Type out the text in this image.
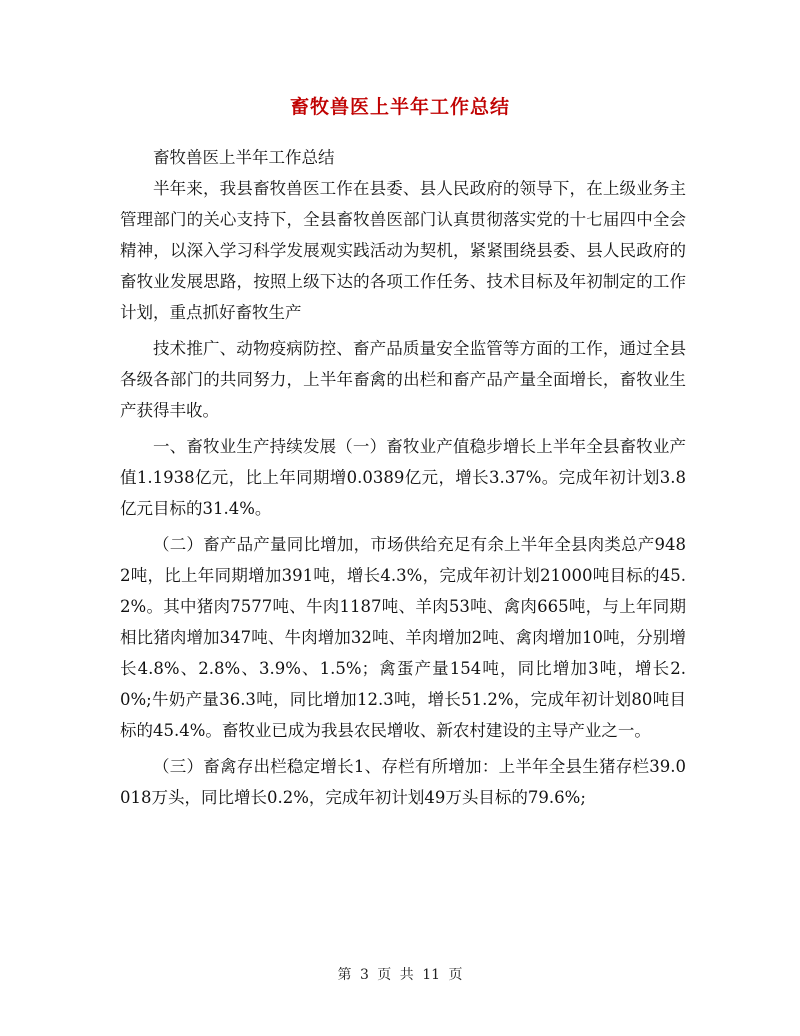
畜牧兽医上半年工作总结

畜牧兽医上半年工作总结

半年来，我县畜牧兽医工作在县委、县人民政府的领导下，在上级业务主管理部门的关心支持下，全县畜牧兽医部门认真贯彻落实党的十七届四中全会精神，以深入学习科学发展观实践活动为契机，紧紧围绕县委、县人民政府的畜牧业发展思路，按照上级下达的各项工作任务、技术目标及年初制定的工作计划，重点抓好畜牧生产

技术推广、动物疫病防控、畜产品质量安全监管等方面的工作，通过全县各级各部门的共同努力，上半年畜禽的出栏和畜产品产量全面增长，畜牧业生产获得丰收。

一、畜牧业生产持续发展（一）畜牧业产值稳步增长上半年全县畜牧业产值1.1938亿元，比上年同期增0.0389亿元，增长3.37%。完成年初计划3.8亿元目标的31.4%。

（二）畜产品产量同比增加，市场供给充足有余上半年全县肉类总产9482吨，比上年同期增加391吨，增长4.3%，完成年初计划21000吨目标的45.2%。其中猪肉7577吨、牛肉1187吨、羊肉53吨、禽肉665吨，与上年同期相比猪肉增加347吨、牛肉增加32吨、羊肉增加2吨、禽肉增加10吨，分别增长4.8%、2.8%、3.9%、1.5%；禽蛋产量154吨，同比增加3吨，增长2.0%;牛奶产量36.3吨，同比增加12.3吨，增长51.2%，完成年初计划80吨目标的45.4%。畜牧业已成为我县农民增收、新农村建设的主导产业之一。

（三）畜禽存出栏稳定增长1、存栏有所增加：上半年全县生猪存栏39.0018万头，同比增长0.2%，完成年初计划49万头目标的79.6%;

第 3 页 共 11 页
